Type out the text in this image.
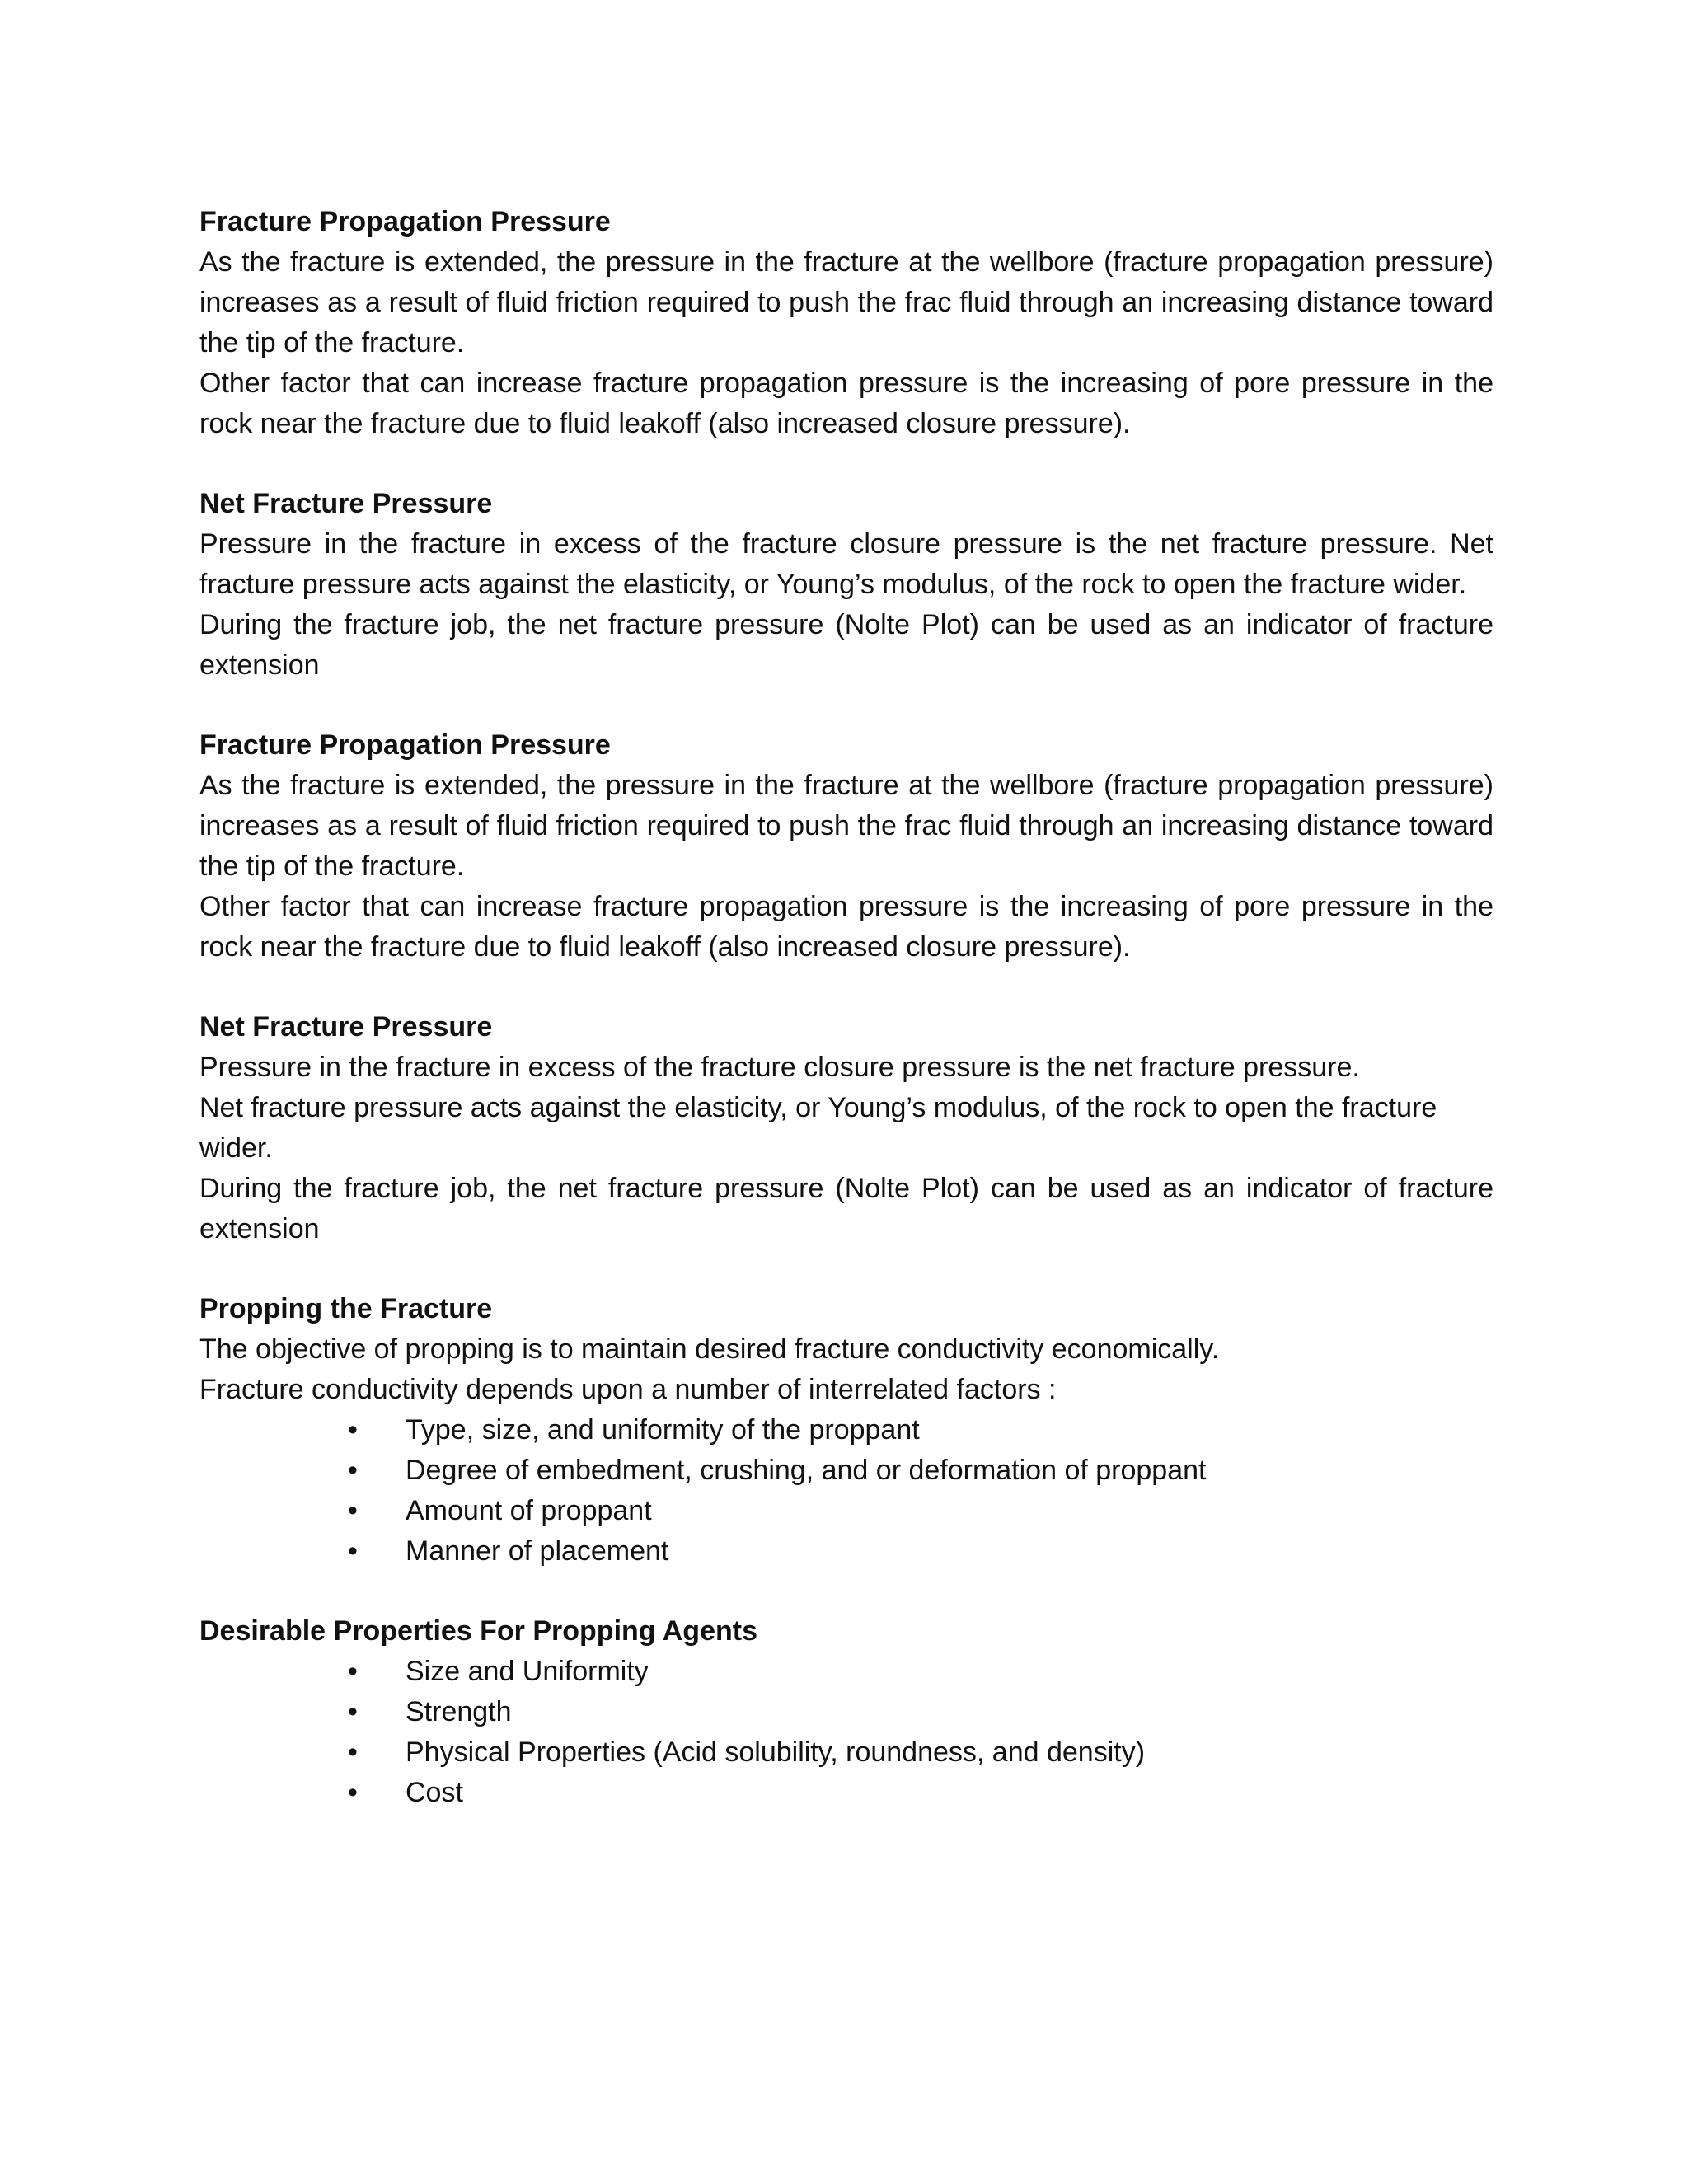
Fracture Propagation Pressure

As the fracture is extended, the pressure in the fracture at the wellbore (fracture propagation pressure) increases as a result of fluid friction required to push the frac fluid through an increasing distance toward the tip of the fracture.

Other factor that can increase fracture propagation pressure is the increasing of pore pressure in the rock near the fracture due to fluid leakoff (also increased closure pressure).

Net Fracture Pressure

Pressure in the fracture in excess of the fracture closure pressure is the net fracture pressure. Net fracture pressure acts against the elasticity, or Young’s modulus, of the rock to open the fracture wider.

During the fracture job, the net fracture pressure (Nolte Plot) can be used as an indicator of fracture extension

Fracture Propagation Pressure

As the fracture is extended, the pressure in the fracture at the wellbore (fracture propagation pressure) increases as a result of fluid friction required to push the frac fluid through an increasing distance toward the tip of the fracture.

Other factor that can increase fracture propagation pressure is the increasing of pore pressure in the rock near the fracture due to fluid leakoff (also increased closure pressure).

Net Fracture Pressure

Pressure in the fracture in excess of the fracture closure pressure is the net fracture pressure.

Net fracture pressure acts against the elasticity, or Young’s modulus, of the rock to open the fracture wider.

During the fracture job, the net fracture pressure (Nolte Plot) can be used as an indicator of fracture extension

Propping the Fracture

The objective of propping is to maintain desired fracture conductivity economically.

Fracture conductivity depends upon a number of interrelated factors :

• Type, size, and uniformity of the proppant
• Degree of embedment, crushing, and or deformation of proppant
• Amount of proppant
• Manner of placement

Desirable Properties For Propping Agents

• Size and Uniformity
• Strength
• Physical Properties (Acid solubility, roundness, and density)
• Cost
